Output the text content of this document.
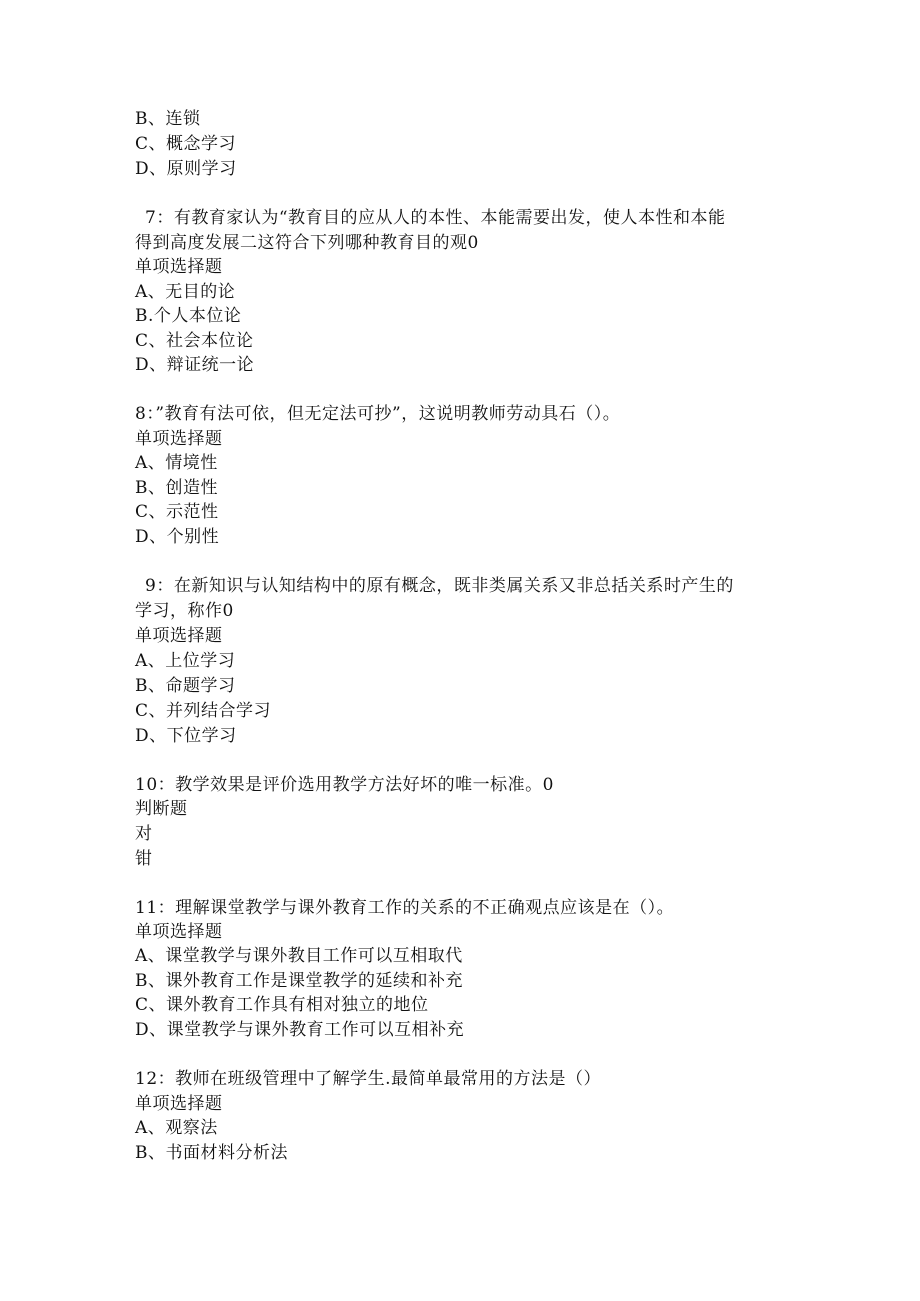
B、连锁
C、概念学习
D、原则学习
7：有教育家认为“教育目的应从人的本性、本能需要出发，使人本性和本能
得到高度发展二这符合下列哪种教育目的观0
单项选择题
A、无目的论
B.个人本位论
C、社会本位论
D、辩证统一论
8：”教育有法可依，但无定法可抄”，这说明教师劳动具石（）。
单项选择题
A、情境性
B、创造性
C、示范性
D、个别性
9：在新知识与认知结构中的原有概念，既非类属关系又非总括关系时产生的
学习，称作0
单项选择题
A、上位学习
B、命题学习
C、并列结合学习
D、下位学习
10：教学效果是评价选用教学方法好坏的唯一标准。0
判断题
对
钳
11：理解课堂教学与课外教育工作的关系的不正确观点应该是在（）。
单项选择题
A、课堂教学与课外教目工作可以互相取代
B、课外教育工作是课堂教学的延续和补充
C、课外教育工作具有相对独立的地位
D、课堂教学与课外教育工作可以互相补充
12：教师在班级管理中了解学生.最简单最常用的方法是（）
单项选择题
A、观察法
B、书面材料分析法
